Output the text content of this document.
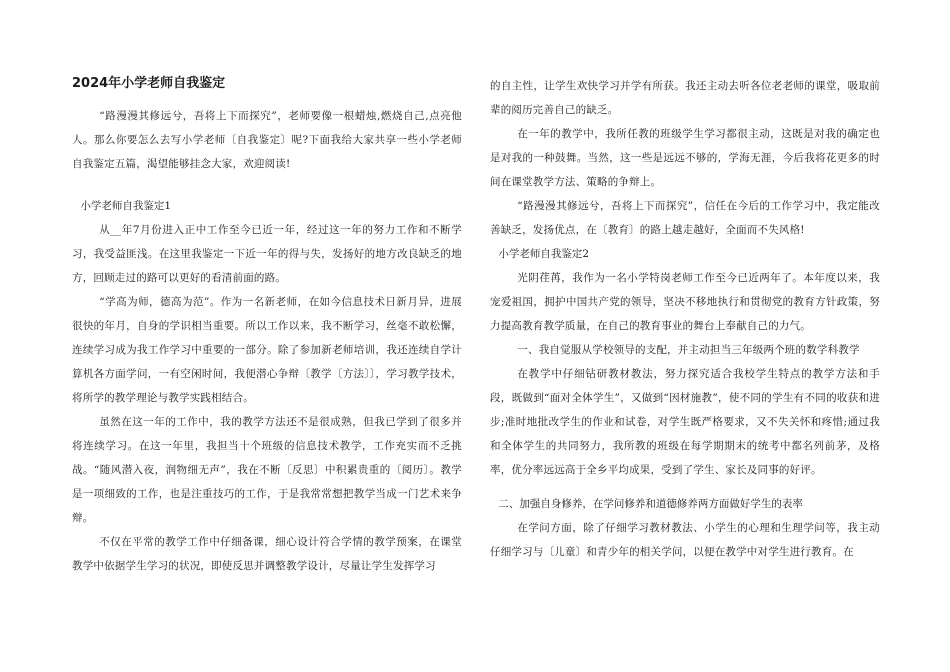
2024年小学老师自我鉴定

“路漫漫其修远兮，吾将上下而探究”，老师要像一根蜡烛,燃烧自己,点亮他人。那么你要怎么去写小学老师〔自我鉴定〕呢?下面我给大家共享一些小学老师自我鉴定五篇，渴望能够挂念大家，欢迎阅读!

小学老师自我鉴定1

从__年7月份进入正中工作至今已近一年，经过这一年的努力工作和不断学习，我受益匪浅。在这里我鉴定一下近一年的得与失，发扬好的地方改良缺乏的地方，回顾走过的路可以更好的看清前面的路。

“学高为师，德高为范”。作为一名新老师，在如今信息技术日新月异，进展很快的年月，自身的学识相当重要。所以工作以来，我不断学习，丝毫不敢松懈，连续学习成为我工作学习中重要的一部分。除了参加新老师培训，我还连续自学计算机各方面学问，一有空闲时间，我便潜心争辩〔教学〔方法〕〕，学习教学技术，将所学的教学理论与教学实践相结合。

虽然在这一年的工作中，我的教学方法还不是很成熟，但我已学到了很多并将连续学习。在这一年里，我担当十个班级的信息技术教学，工作充实而不乏挑战。“随风潜入夜，润物细无声”，我在不断〔反思〕中积累贵重的〔阅历〕。教学是一项细致的工作，也是注重技巧的工作，于是我常常想把教学当成一门艺术来争辩。

不仅在平常的教学工作中仔细备课，细心设计符合学情的教学预案，在课堂教学中依据学生学习的状况，即使反思并调整教学设计，尽量让学生发挥学习

的自主性，让学生欢快学习并学有所获。我还主动去听各位老老师的课堂，吸取前辈的阅历完善自己的缺乏。

在一年的教学中，我所任教的班级学生学习都很主动，这既是对我的确定也是对我的一种鼓舞。当然，这一些是远远不够的，学海无涯，今后我将花更多的时间在课堂教学方法、策略的争辩上。

“路漫漫其修远兮，吾将上下而探究”，信任在今后的工作学习中，我定能改善缺乏，发扬优点，在〔教育〕的路上越走越好，全面而不失风格!

小学老师自我鉴定2

光阴荏苒，我作为一名小学特岗老师工作至今已近两年了。本年度以来，我宠爱祖国，拥护中国共产党的领导，坚决不移地执行和贯彻党的教育方针政策，努力提高教育教学质量，在自己的教育事业的舞台上奉献自己的力气。

一、我自觉服从学校领导的支配，并主动担当三年级两个班的数学科教学

在教学中仔细钻研教材教法，努力探究适合我校学生特点的教学方法和手段，既做到“面对全体学生”，又做到“因材施教”，使不同的学生有不同的收获和进步;准时地批改学生的作业和试卷，对学生既严格要求，又不失关怀和疼惜;通过我和全体学生的共同努力，我所教的班级在每学期期末的统考中都名列前茅，及格率，优分率远远高于全乡平均成果，受到了学生、家长及同事的好评。

二、加强自身修养，在学问修养和道德修养两方面做好学生的表率

在学问方面，除了仔细学习教材教法、小学生的心理和生理学问等，我主动仔细学习与〔儿童〕和青少年的相关学问，以便在教学中对学生进行教育。在
